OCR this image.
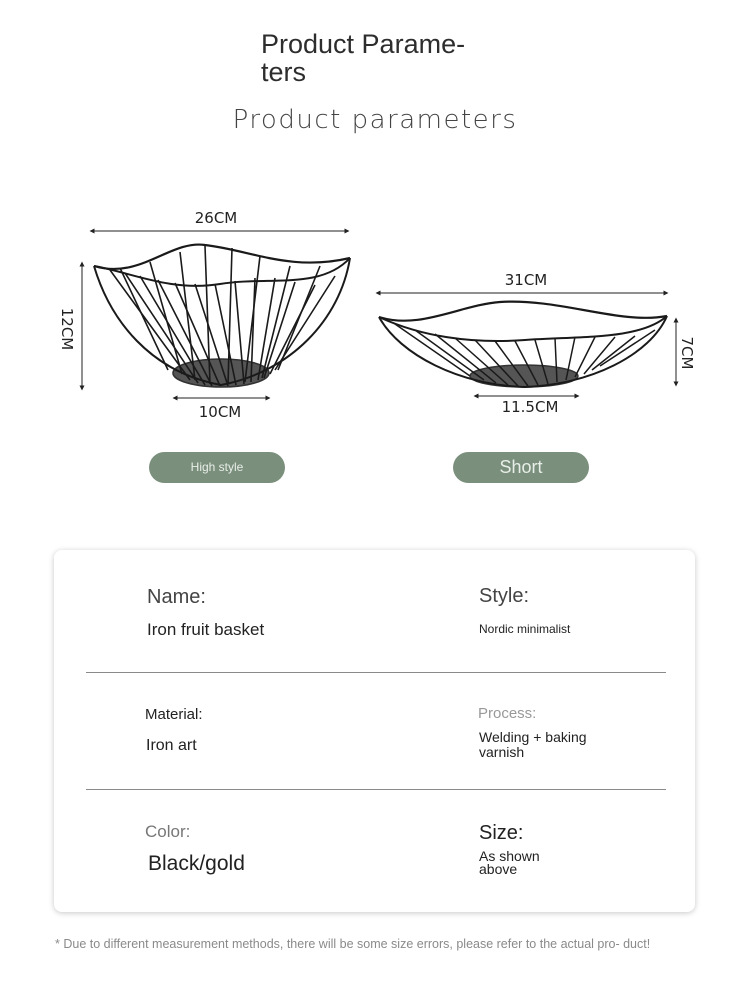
Product Parame- ters
Product parameters
26CM
12CM
10CM
31CM
7CM
11.5CM
High style	Short
Name:
Iron fruit basket
Style:
Nordic minimalist
Material:
Iron art
Process:
Welding + baking varnish
Color:
Black/gold
Size:
As shown above
* Due to different measurement methods, there will be some size errors, please refer to the actual pro- duct!
